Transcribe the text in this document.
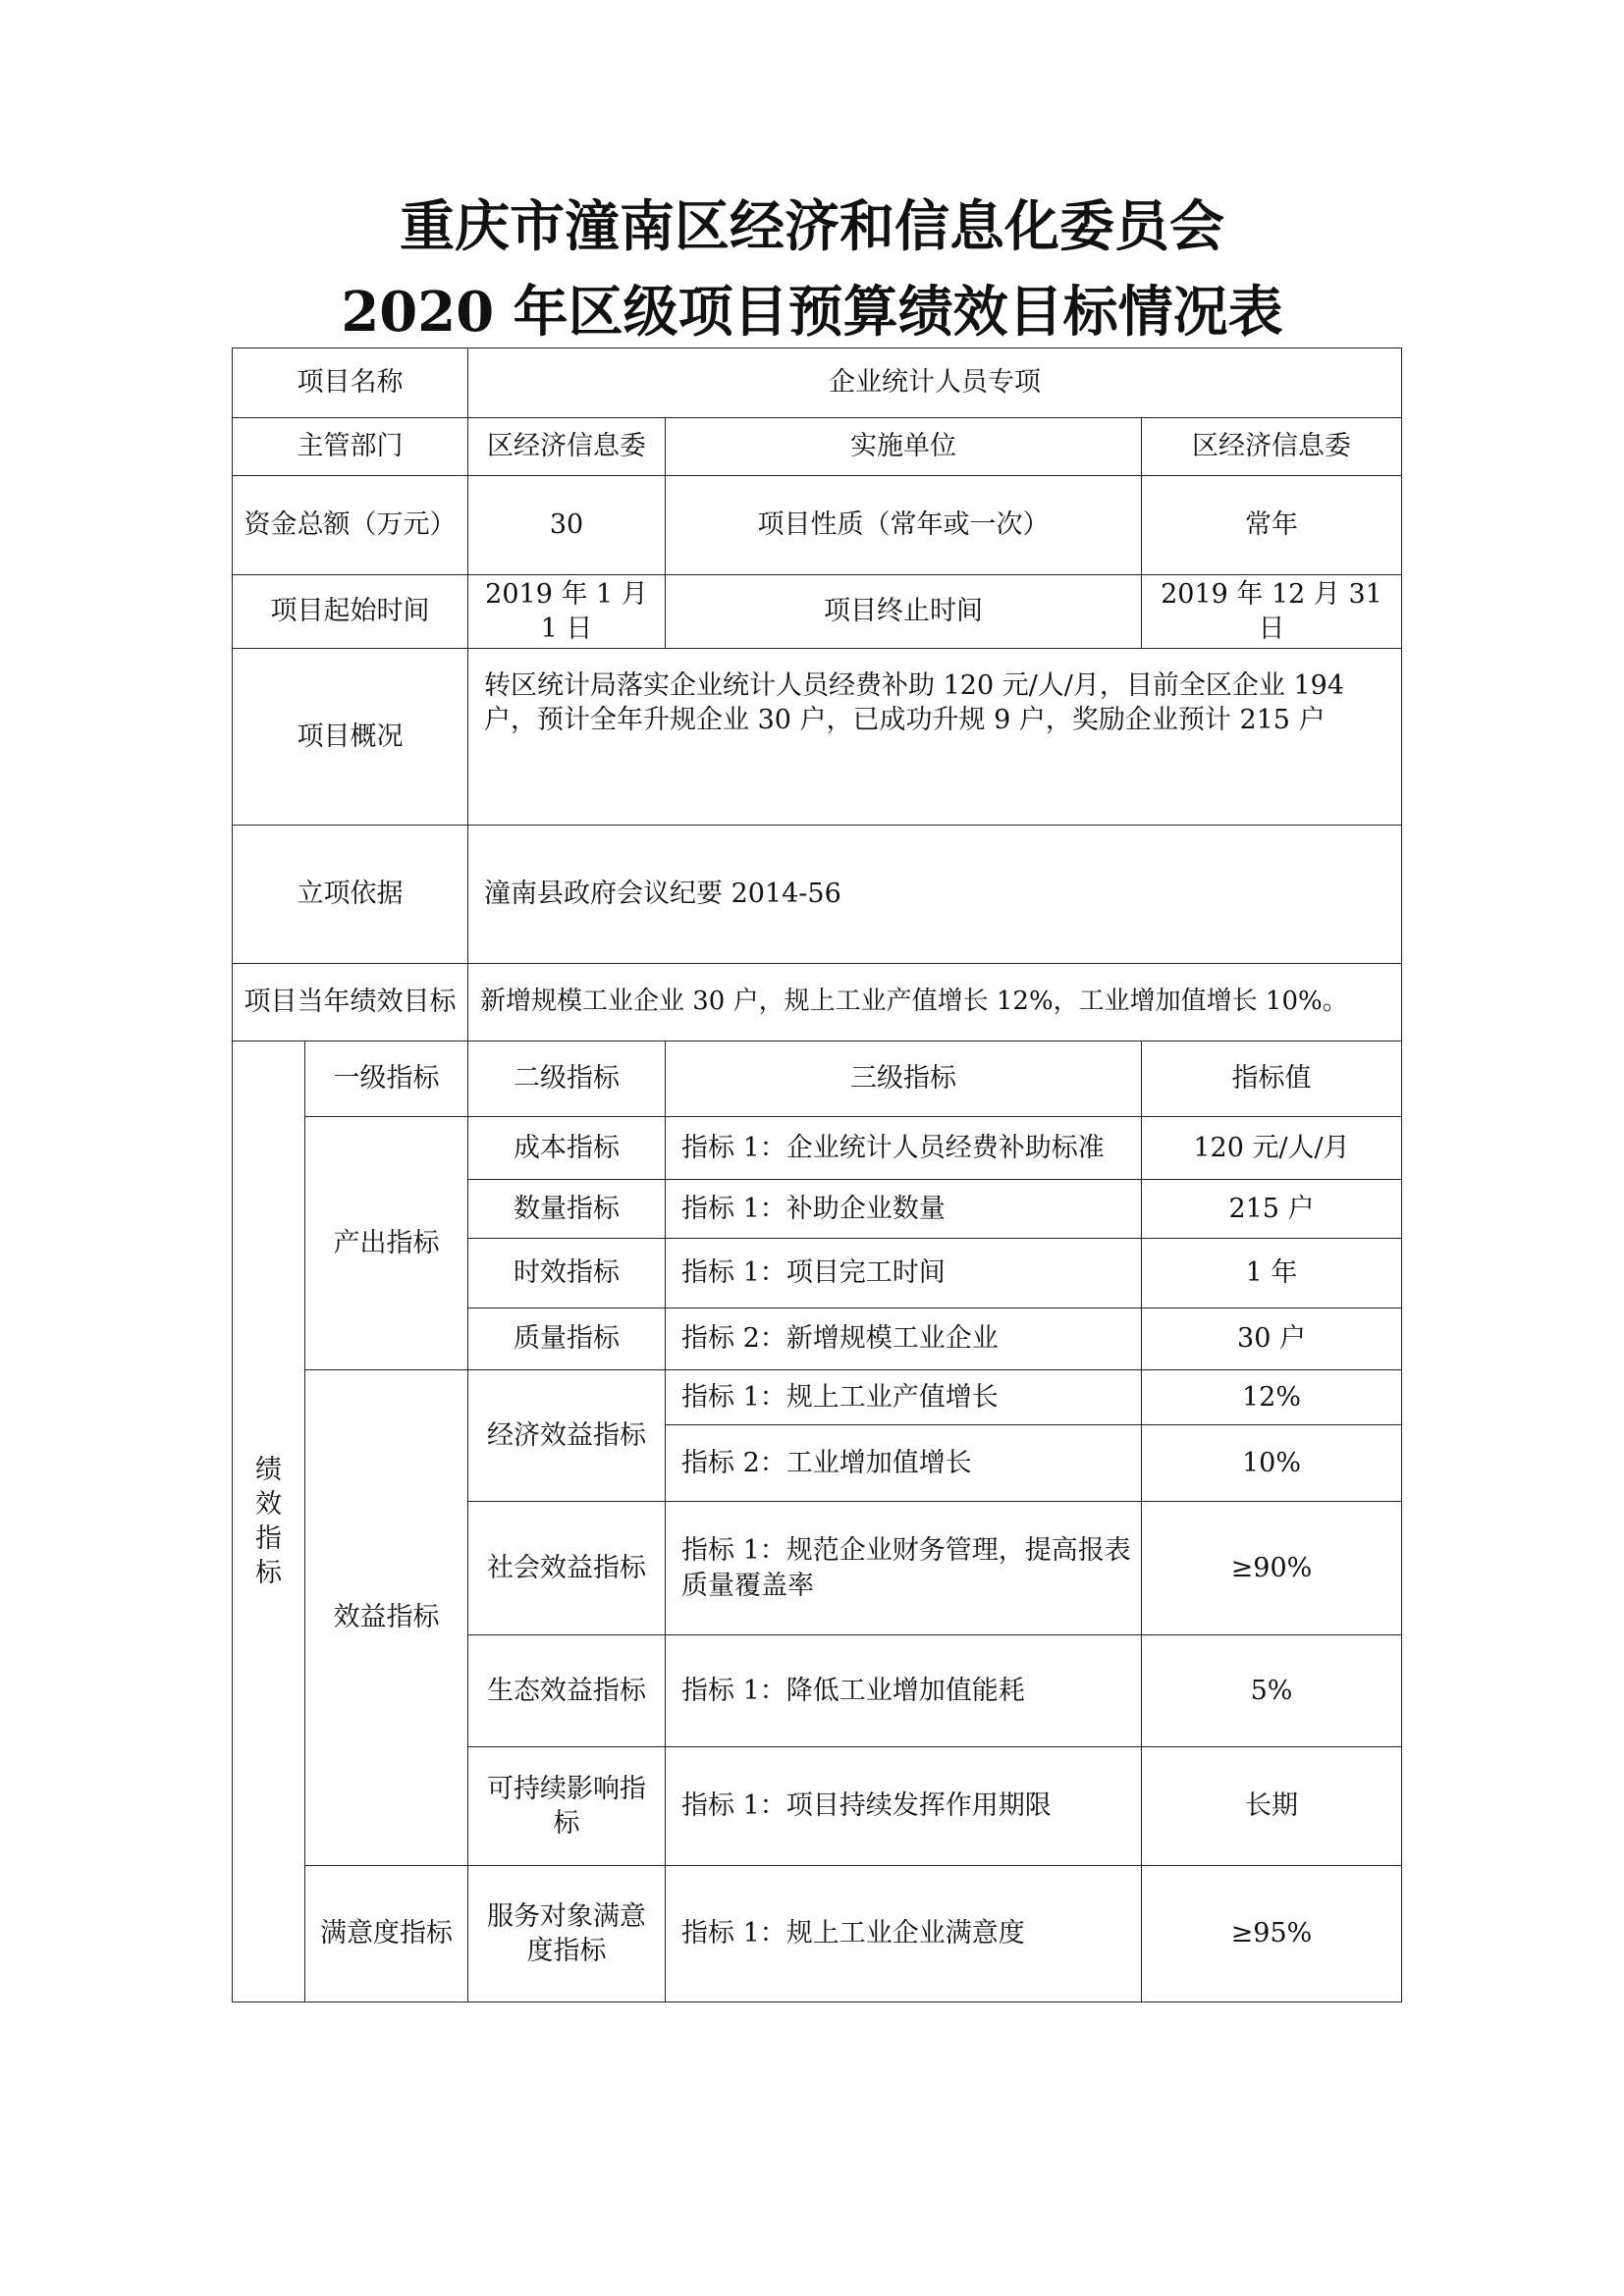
重庆市潼南区经济和信息化委员会
2020 年区级项目预算绩效目标情况表
项目名称		企业统计人员专项		
主管部门		区经济信息委	实施单位	区经济信息委
资金总额（万元）		30	项目性质（常年或一次）	常年
项目起始时间		2019 年 1 月 1 日	项目终止时间	2019 年 12 月 31 日
项目概况		转区统计局落实企业统计人员经费补助 120 元/人/月，目前全区企业 194 户，预计全年升规企业 30 户，已成功升规 9 户，奖励企业预计 215 户		
立项依据		潼南县政府会议纪要 2014-56		
项目当年绩效目标		新增规模工业企业 30 户，规上工业产值增长 12%，工业增加值增长 10%。		
绩效指标	一级指标	二级指标	三级指标	指标值
	产出指标	成本指标	指标 1：企业统计人员经费补助标准	120 元/人/月
		数量指标	指标 1：补助企业数量	215 户
		时效指标	指标 1：项目完工时间	1 年
		质量指标	指标 2：新增规模工业企业	30 户
	效益指标	经济效益指标	指标 1：规上工业产值增长	12%
			指标 2：工业增加值增长	10%
		社会效益指标	指标 1：规范企业财务管理，提高报表质量覆盖率	≥90%
		生态效益指标	指标 1：降低工业增加值能耗	5%
		可持续影响指标	指标 1：项目持续发挥作用期限	长期
	满意度指标	服务对象满意度指标	指标 1：规上工业企业满意度	≥95%
